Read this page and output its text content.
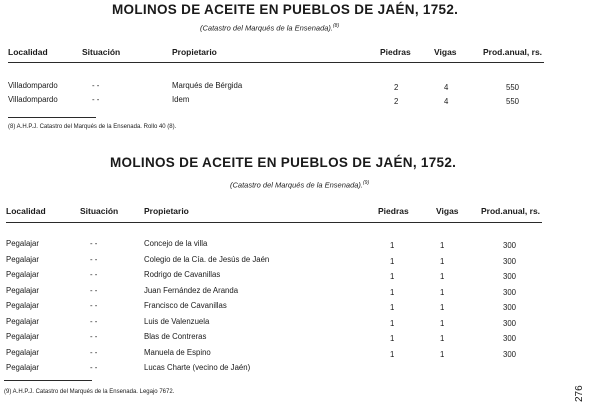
MOLINOS DE ACEITE EN PUEBLOS DE JAÉN, 1752.
(Catastro del Marqués de la Ensenada).$^{(8)}$
Localidad	Situación	Propietario	Piedras	Vigas	Prod.anual, rs.
Villadompardo	- -	Marqués de Bérgida	2	4	550
Villadompardo	- -	Idem	2	4	550
(8) A.H.P.J. Catastro del Marqués de la Ensenada. Rollo 40 (8).
MOLINOS DE ACEITE EN PUEBLOS DE JAÉN, 1752.
(Catastro del Marqués de la Ensenada).$^{(9)}$
Localidad	Situación	Propietario	Piedras	Vigas	Prod.anual, rs.
Pegalajar	- -	Concejo de la villa	1	1	300
Pegalajar	- -	Colegio de la Cía. de Jesús de Jaén	1	1	300
Pegalajar	- -	Rodrigo de Cavanillas	1	1	300
Pegalajar	- -	Juan Fernández de Aranda	1	1	300
Pegalajar	- -	Francisco de Cavanillas	1	1	300
Pegalajar	- -	Luis de Valenzuela	1	1	300
Pegalajar	- -	Blas de Contreras	1	1	300
Pegalajar	- -	Manuela de Espino	1	1	300
Pegalajar	- -	Lucas Charte (vecino de Jaén)
(9) A.H.P.J. Catastro del Marqués de la Ensenada. Legajo 7672.	276
